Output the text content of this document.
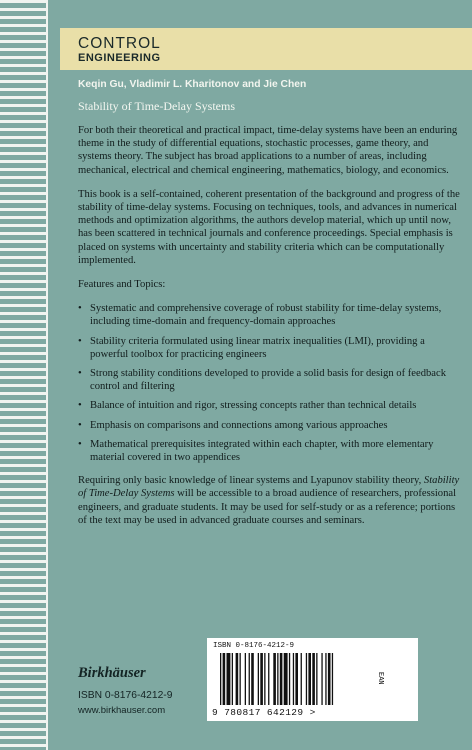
CONTROL
ENGINEERING
Keqin Gu, Vladimir L. Kharitonov and Jie Chen
Stability of Time-Delay Systems

For both their theoretical and practical impact, time-delay systems have been an enduring theme in the study of differential equations, stochastic processes, game theory, and systems theory. The subject has broad applications to a number of areas, including mechanical, electrical and chemical engineering, mathematics, biology, and economics.

This book is a self-contained, coherent presentation of the background and progress of the stability of time-delay systems. Focusing on techniques, tools, and advances in numerical methods and optimization algorithms, the authors develop material, which up until now, has been scattered in technical journals and conference proceedings. Special emphasis is placed on systems with uncertainty and stability criteria which can be computationally implemented.

Features and Topics:

• Systematic and comprehensive coverage of robust stability for time-delay systems, including time-domain and frequency-domain approaches
• Stability criteria formulated using linear matrix inequalities (LMI), providing a powerful toolbox for practicing engineers
• Strong stability conditions developed to provide a solid basis for design of feedback control and filtering
• Balance of intuition and rigor, stressing concepts rather than technical details
• Emphasis on comparisons and connections among various approaches
• Mathematical prerequisites integrated within each chapter, with more elementary material covered in two appendices

Requiring only basic knowledge of linear systems and Lyapunov stability theory, Stability of Time-Delay Systems will be accessible to a broad audience of researchers, professional engineers, and graduate students. It may be used for self-study or as a reference; portions of the text may be used in advanced graduate courses and seminars.

ISBN 0-8176-4212-9
EAN
9 780817 642129 >
Birkhäuser
ISBN 0-8176-4212-9
www.birkhauser.com
